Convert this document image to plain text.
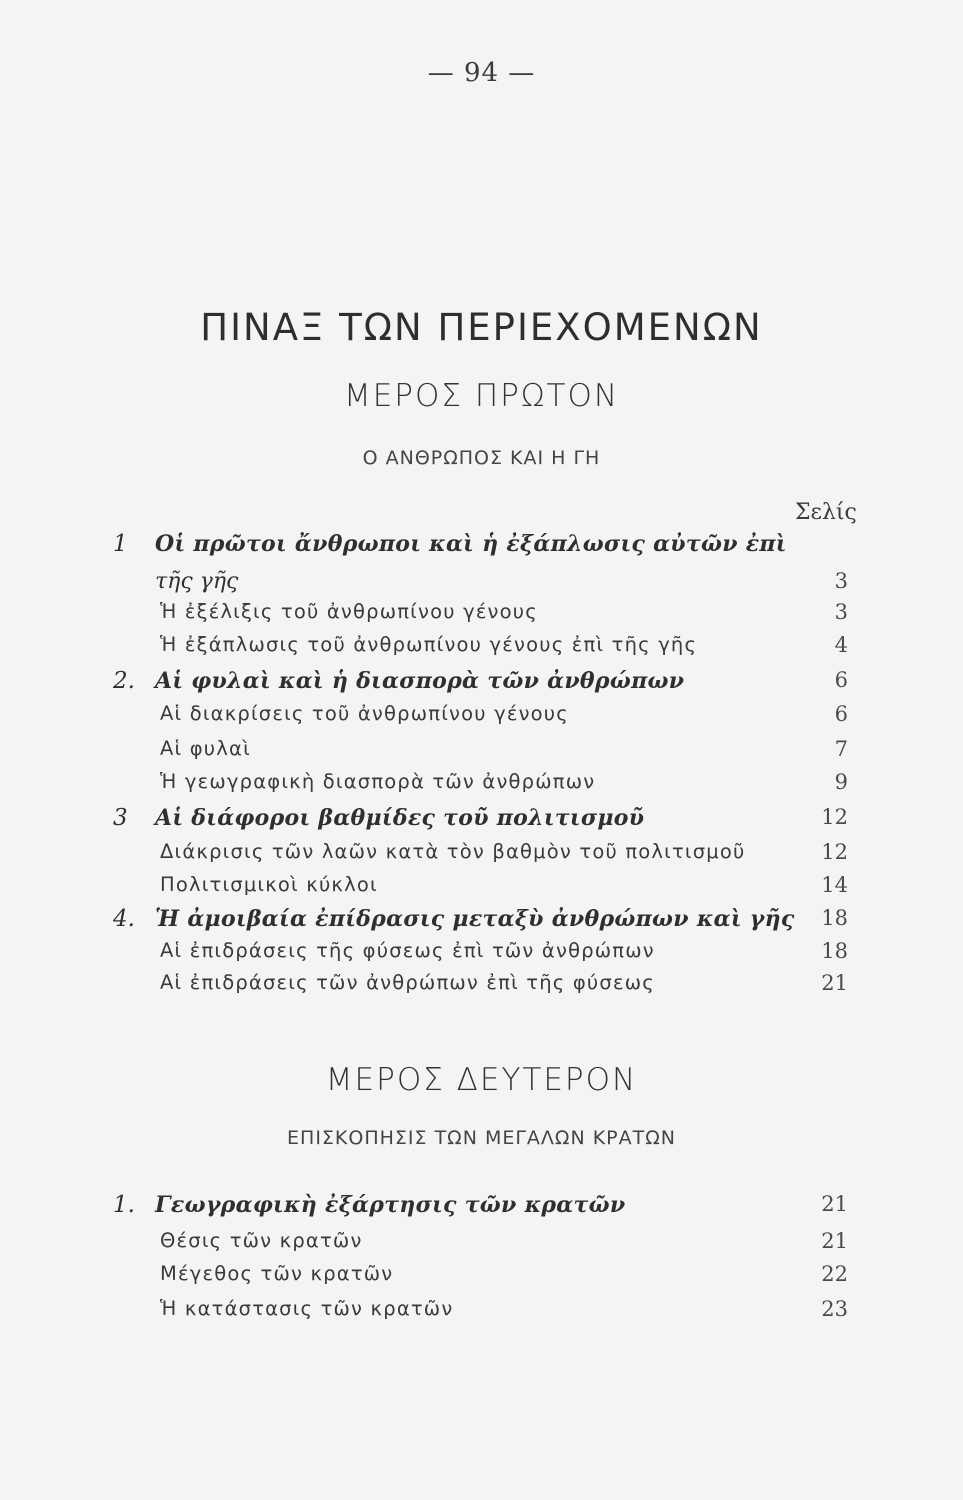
— 94 —
ΠΙΝΑΞ ΤΩΝ ΠΕΡΙΕΧΟΜΕΝΩΝ
ΜΕΡΟΣ ΠΡΩΤΟΝ
Ο ΑΝΘΡΩΠΟΣ ΚΑΙ Η ΓΗ
Σελίς
1 Οἱ πρῶτοι ἄνθρωποι καὶ ἡ ἐξάπλωσις αὐτῶν ἐπὶ
τῆς γῆς	3
Ἡ ἐξέλιξις τοῦ ἀνθρωπίνου γένους	3
Ἡ ἐξάπλωσις τοῦ ἀνθρωπίνου γένους ἐπὶ τῆς γῆς	4
2. Αἱ φυλαὶ καὶ ἡ διασπορὰ τῶν ἀνθρώπων	6
Αἱ διακρίσεις τοῦ ἀνθρωπίνου γένους	6
Αἱ φυλαὶ	7
Ἡ γεωγραφικὴ διασπορὰ τῶν ἀνθρώπων	9
3 Αἱ διάφοροι βαθμίδες τοῦ πολιτισμοῦ	12
Διάκρισις τῶν λαῶν κατὰ τὸν βαθμὸν τοῦ πολιτισμοῦ	12
Πολιτισμικοὶ κύκλοι	14
4. Ἡ ἀμοιβαία ἐπίδρασις μεταξὺ ἀνθρώπων καὶ γῆς	18
Αἱ ἐπιδράσεις τῆς φύσεως ἐπὶ τῶν ἀνθρώπων	18
Αἱ ἐπιδράσεις τῶν ἀνθρώπων ἐπὶ τῆς φύσεως	21
ΜΕΡΟΣ ΔΕΥΤΕΡΟΝ
ΕΠΙΣΚΟΠΗΣΙΣ ΤΩΝ ΜΕΓΑΛΩΝ ΚΡΑΤΩΝ
1. Γεωγραφικὴ ἐξάρτησις τῶν κρατῶν	21
Θέσις τῶν κρατῶν	21
Μέγεθος τῶν κρατῶν	22
Ἡ κατάστασις τῶν κρατῶν	23
